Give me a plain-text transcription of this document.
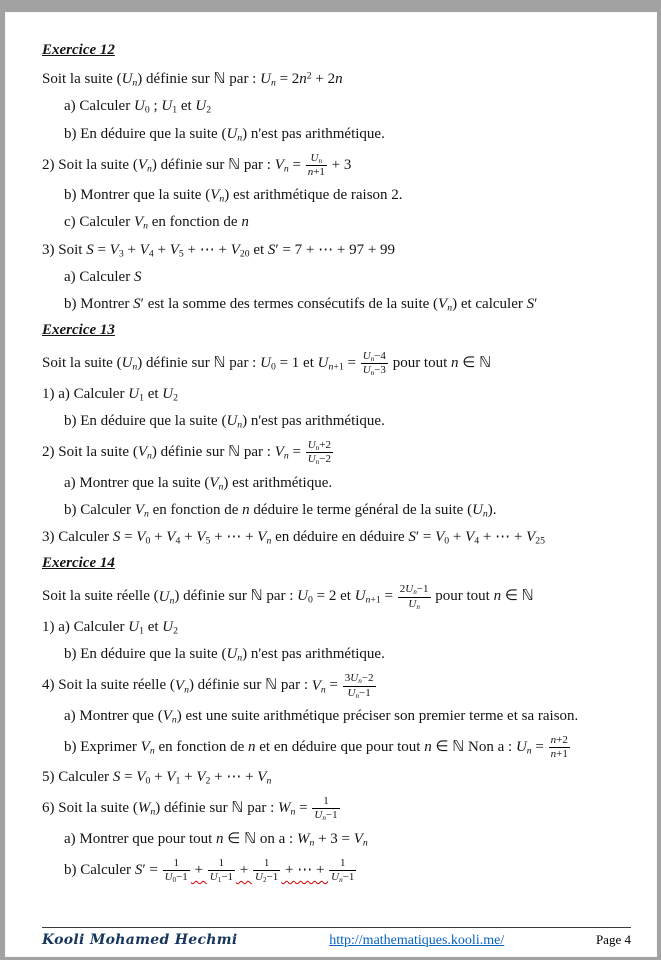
Exercice 12
Soit la suite $(U_n)$ définie sur ℕ par : $U_n = 2n^2 + 2n$
a) Calculer $U_0$ ; $U_1$ et $U_2$
b) En déduire que la suite $(U_n)$ n'est pas arithmétique.
2) Soit la suite $(V_n)$ définie sur ℕ par : $V_n = \frac{U_n}{n+1} + 3$
b) Montrer que la suite $(V_n)$ est arithmétique de raison 2.
c) Calculer $V_n$ en fonction de n
3) Soit $S = V_3 + V_4 + V_5$ + ⋯ + $V_{20}$ et S′ = 7 + ⋯ + 97 + 99
a) Calculer S
b) Montrer S′ est la somme des termes consécutifs de la suite $(V_n)$ et calculer S′
Exercice 13
Soit la suite $(U_n)$ définie sur ℕ par : $U_0 = 1$ et $U_{n+1} = \frac{U_n-4}{U_n-3}$ pour tout n ∈ ℕ
1) a) Calculer $U_1$ et $U_2$
b) En déduire que la suite $(U_n)$ n'est pas arithmétique.
2) Soit la suite $(V_n)$ définie sur ℕ par : $V_n = \frac{U_n+2}{U_n-2}$
a) Montrer que la suite $(V_n)$ est arithmétique.
b) Calculer $V_n$ en fonction de n déduire le terme général de la suite $(U_n)$.
3) Calculer $S = V_0 + V_4 + V_5$ + ⋯ + $V_n$ en déduire en déduire $S' = V_0 + V_4$ + ⋯ + $V_{25}$
Exercice 14
Soit la suite réelle $(U_n)$ définie sur ℕ par : $U_0 = 2$ et $U_{n+1} = \frac{2U_n-1}{U_n}$ pour tout n ∈ ℕ
1) a) Calculer $U_1$ et $U_2$
b) En déduire que la suite $(U_n)$ n'est pas arithmétique.
4) Soit la suite réelle $(V_n)$ définie sur ℕ par : $V_n = \frac{3U_n-2}{U_n-1}$
a) Montrer que $(V_n)$ est une suite arithmétique préciser son premier terme et sa raison.
b) Exprimer $V_n$ en fonction de n et en déduire que pour tout n ∈ ℕ Non a : $U_n = \frac{n+2}{n+1}$
5) Calculer $S = V_0 + V_1 + V_2$ + ⋯ + $V_n$
6) Soit la suite $(W_n)$ définie sur ℕ par : $W_n = \frac{1}{U_n-1}$
a) Montrer que pour tout n ∈ ℕ on a : $W_n + 3 = V_n$
b) Calculer $S' = \frac{1}{U_0-1} + \frac{1}{U_1-1} + \frac{1}{U_2-1}$ + ⋯ + $\frac{1}{U_n-1}$
Kooli Mohamed Hechmi	http://mathematiques.kooli.me/	Page 4
